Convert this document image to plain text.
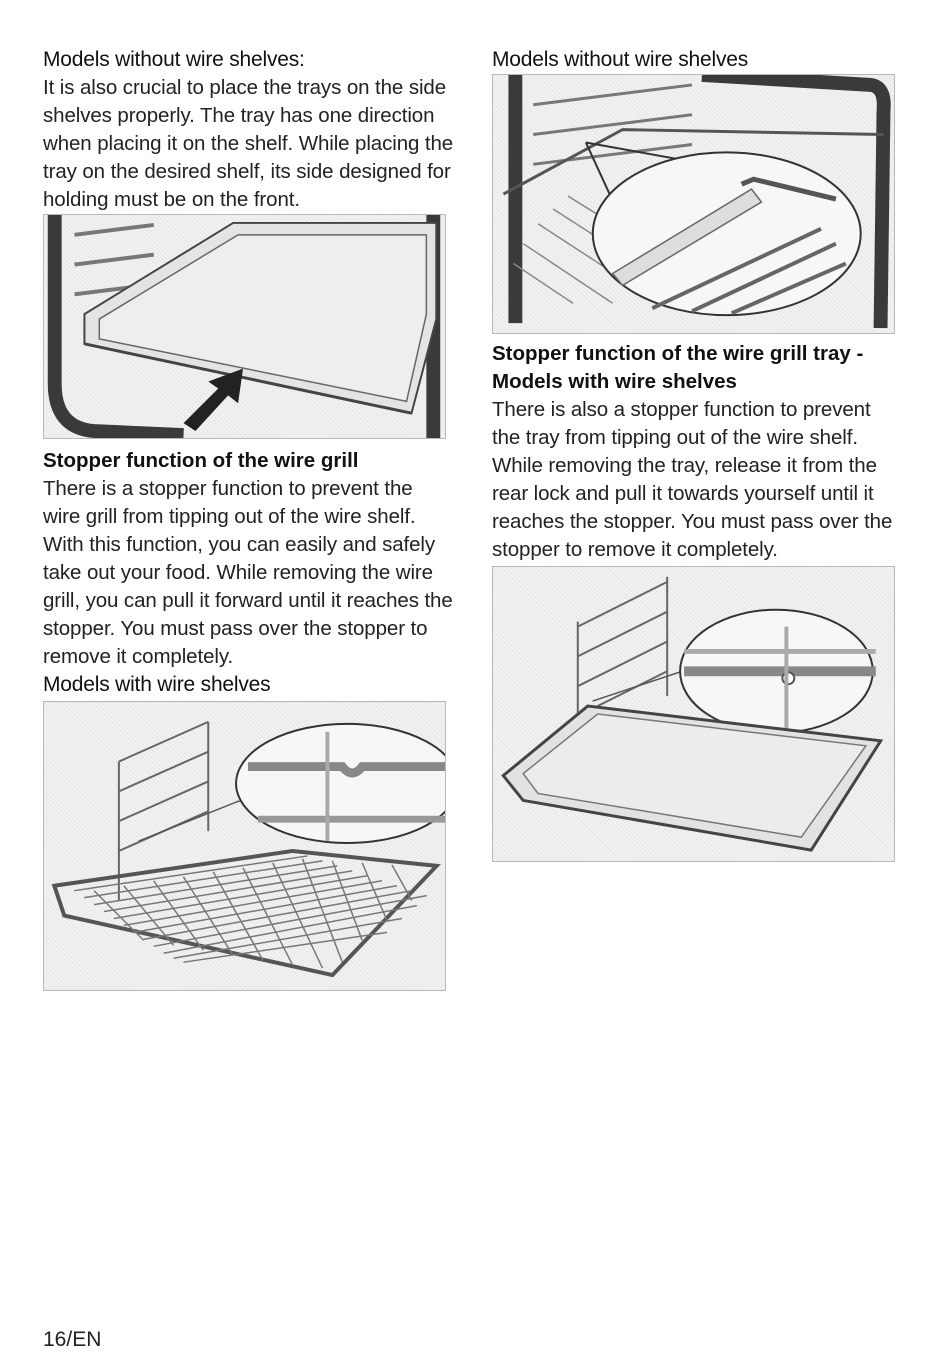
Models without wire shelves:

It is also crucial to place the trays on the side shelves properly. The tray has one direction when placing it on the shelf. While placing the tray on the desired shelf, its side designed for holding must be on the front.

Stopper function of the wire grill

There is a stopper function to prevent the wire grill from tipping out of the wire shelf. With this function, you can easily and safely take out your food. While removing the wire grill, you can pull it forward until it reaches the stopper. You must pass over the stopper to remove it completely.

Models with wire shelves
Models without wire shelves
Stopper function of the wire grill tray - Models with wire shelves

There is also a stopper function to prevent the tray from tipping out of the wire shelf. While removing the tray, release it from the rear lock and pull it towards yourself until it reaches the stopper. You must pass over the stopper to remove it completely.

16/EN
